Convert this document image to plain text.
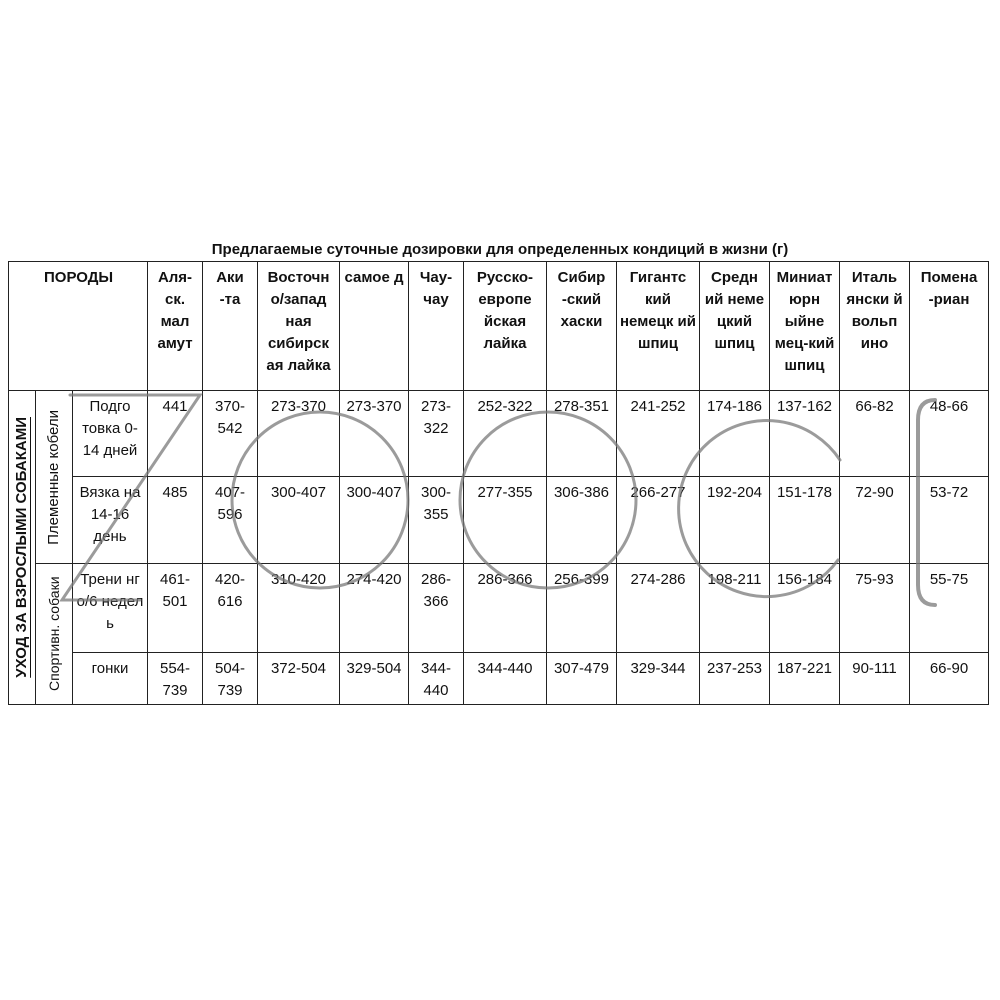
Предлагаемые суточные дозировки для определенных кондиций в жизни (г)
ПОРОДЫ			Аля-ск. мал амут	Аки -та	Восточн о/запад ная сибирск ая лайка	самое д	Чау-чау	Русско-европе йская лайка	Сибир -ский хаски	Гигантс кий немецк ий шпиц	Средн ий неме цкий шпиц	Миниатюрн ыйне мец-кий шпиц	Италь янски й вольп ино	Помена -риан

УХОД ЗА ВЗРОСЛЫМИ СОБАКАМИ	Племенные кобели	Подго товка 0-14 дней	441	370-542	273-370	273-370	273-322	252-322	278-351	241-252	174-186	137-162	66-82	48-66
		Вязка на 14-16 день	485	407-596	300-407	300-407	300-355	277-355	306-386	266-277	192-204	151-178	72-90	53-72

	Спортивн. собаки	Трени нг о/6 недел ь	461-501	420-616	310-420	274-420	286-366	286-366	256-399	274-286	198-211	156-184	75-93	55-75
		гонки	554-739	504-739	372-504	329-504	344-440	344-440	307-479	329-344	237-253	187-221	90-111	66-90
